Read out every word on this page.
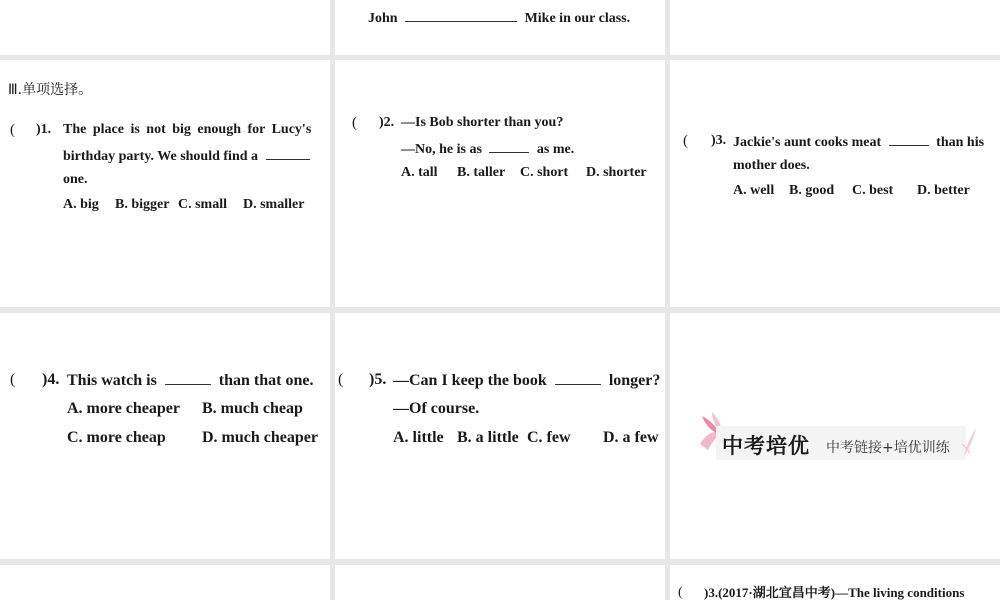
John	Mike in our class.
Ⅲ.单项选择。
( )1. The place is not big enough for Lucy's
birthday party. We should find a
one.
A. big B. bigger C. small D. smaller
( )2. —Is Bob shorter than you?
—No, he is as	as me.
A. tall B. taller C. short D. shorter
( )3. Jackie's aunt cooks meat	than his
mother does.
A. well B. good C. best D. better
( )4. This watch is	than that one.
A. more cheaper B. much cheap
C. more cheap D. much cheaper
( )5. —Can I keep the book	longer?
—Of course.
A. little B. a little C. few D. a few	中考培优 中考链接+培优训练
( )3.(2017·湖北宜昌中考)—The living conditions
